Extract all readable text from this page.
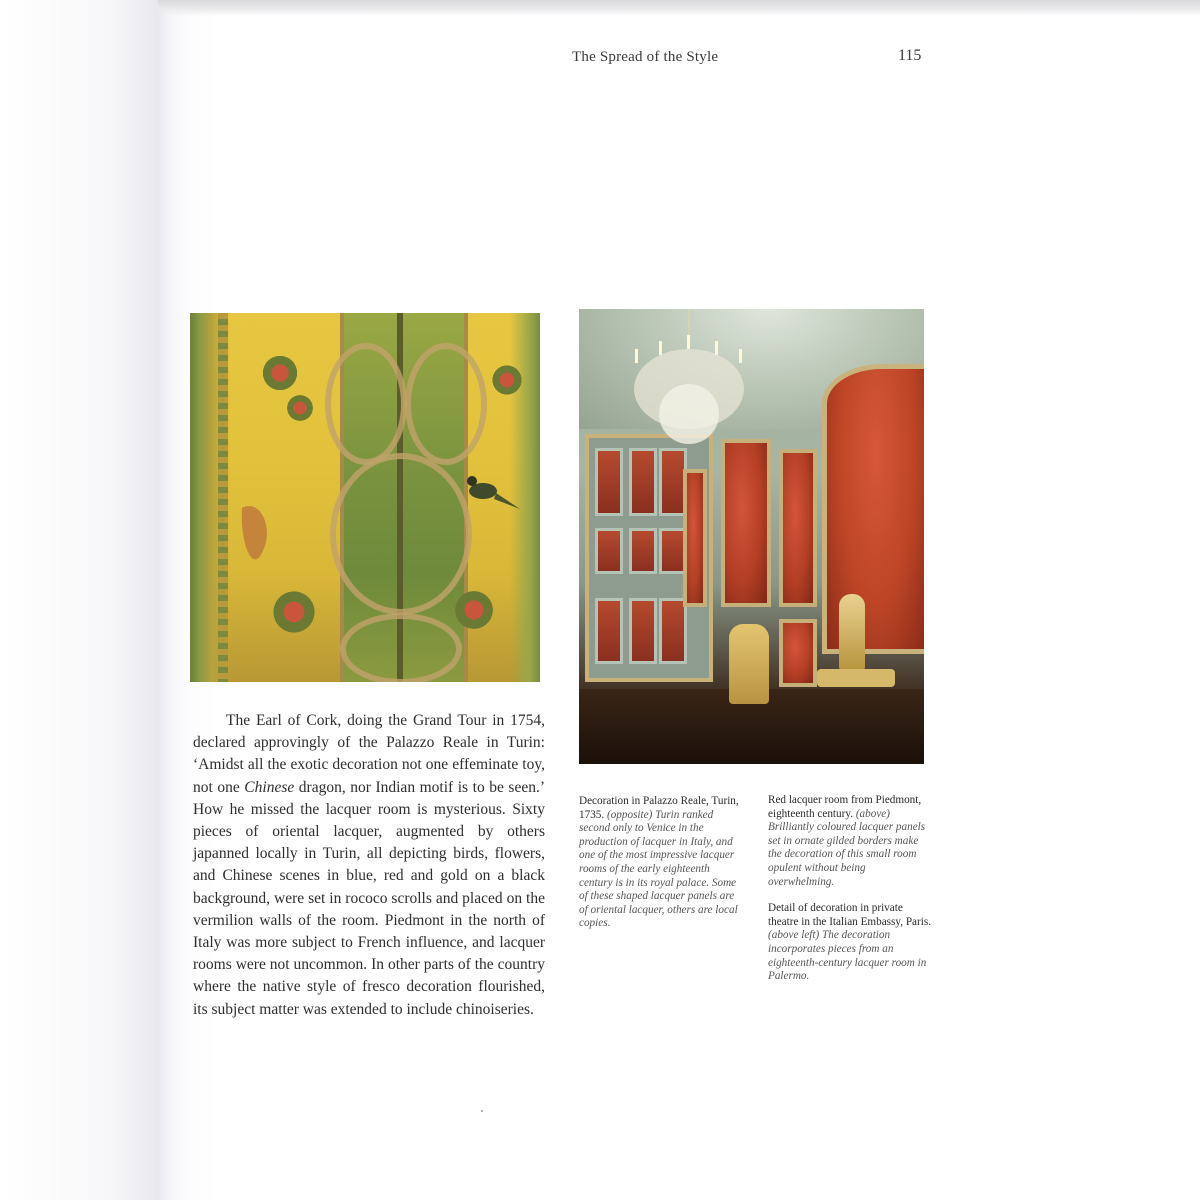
The Spread of the Style	115

The Earl of Cork, doing the Grand Tour in 1754, declared approvingly of the Palazzo Reale in Turin: ‘Amidst all the exotic decoration not one effeminate toy, not one Chinese dragon, nor Indian motif is to be seen.’ How he missed the lacquer room is mysterious. Sixty pieces of oriental lacquer, augmented by others japanned locally in Turin, all depicting birds, flowers, and Chinese scenes in blue, red and gold on a black background, were set in rococo scrolls and placed on the vermilion walls of the room. Piedmont in the north of Italy was more subject to French influence, and lacquer rooms were not uncommon. In other parts of the country where the native style of fresco decoration flourished, its subject matter was extended to include chinoiseries.

Decoration in Palazzo Reale, Turin, 1735. (opposite) Turin ranked second only to Venice in the production of lacquer in Italy, and one of the most impressive lacquer rooms of the early eighteenth century is in its royal palace. Some of these shaped lacquer panels are of oriental lacquer, others are local copies.

Red lacquer room from Piedmont, eighteenth century. (above) Brilliantly coloured lacquer panels set in ornate gilded borders make the decoration of this small room opulent without being overwhelming.

Detail of decoration in private theatre in the Italian Embassy, Paris. (above left) The decoration incorporates pieces from an eighteenth-century lacquer room in Palermo.
